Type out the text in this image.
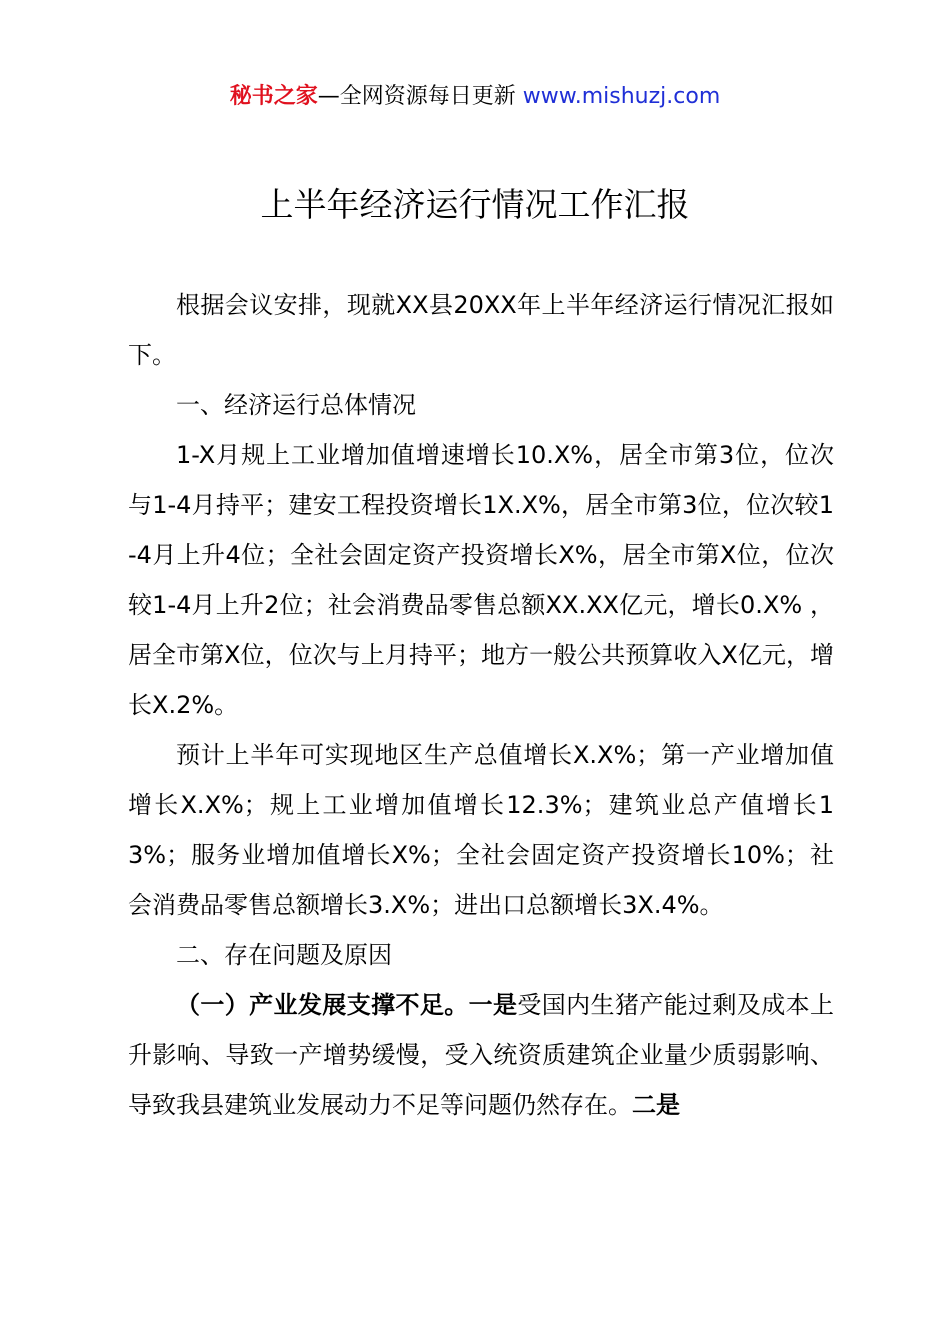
秘书之家—全网资源每日更新 www.mishuzj.com
上半年经济运行情况工作汇报

根据会议安排，现就XX县20XX年上半年经济运行情况汇报如下。

一、经济运行总体情况

1-X月规上工业增加值增速增长10.X%，居全市第3位，位次与1-4月持平；建安工程投资增长1X.X%，居全市第3位，位次较1-4月上升4位；全社会固定资产投资增长X%，居全市第X位，位次较1-4月上升2位；社会消费品零售总额XX.XX亿元，增长0.X% ，居全市第X位，位次与上月持平；地方一般公共预算收入X亿元，增长X.2%。

预计上半年可实现地区生产总值增长X.X%；第一产业增加值增长X.X%；规上工业增加值增长12.3%；建筑业总产值增长13%；服务业增加值增长X%；全社会固定资产投资增长10%；社会消费品零售总额增长3.X%；进出口总额增长3X.4%。

二、存在问题及原因

（一）产业发展支撑不足。一是受国内生猪产能过剩及成本上升影响、导致一产增势缓慢，受入统资质建筑企业量少质弱影响、导致我县建筑业发展动力不足等问题仍然存在。二是
